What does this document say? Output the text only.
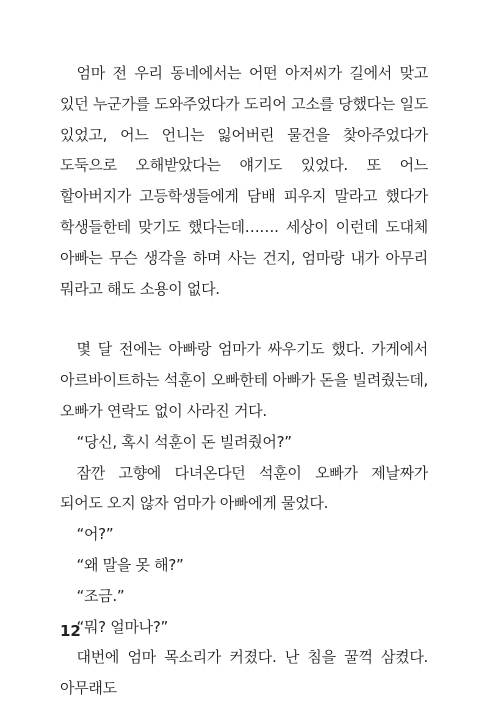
엄마 전 우리 동네에서는 어떤 아저씨가 길에서 맞고 있던 누군가를 도와주었다가 도리어 고소를 당했다는 일도 있었고, 어느 언니는 잃어버린 물건을 찾아주었다가 도둑으로 오해받았다는 얘기도 있었다. 또 어느 할아버지가 고등학생들에게 담배 피우지 말라고 했다가 학생들한테 맞기도 했다는데……. 세상이 이런데 도대체 아빠는 무슨 생각을 하며 사는 건지, 엄마랑 내가 아무리 뭐라고 해도 소용이 없다.

몇 달 전에는 아빠랑 엄마가 싸우기도 했다. 가게에서 아르바이트하는 석훈이 오빠한테 아빠가 돈을 빌려줬는데, 오빠가 연락도 없이 사라진 거다.

“당신, 혹시 석훈이 돈 빌려줬어?”

잠깐 고향에 다녀온다던 석훈이 오빠가 제날짜가 되어도 오지 않자 엄마가 아빠에게 물었다.

“어?”

“왜 말을 못 해?”

“조금.”

“뭐? 얼마나?”

대번에 엄마 목소리가 커졌다. 난 침을 꿀꺽 삼켰다. 아무래도

12
